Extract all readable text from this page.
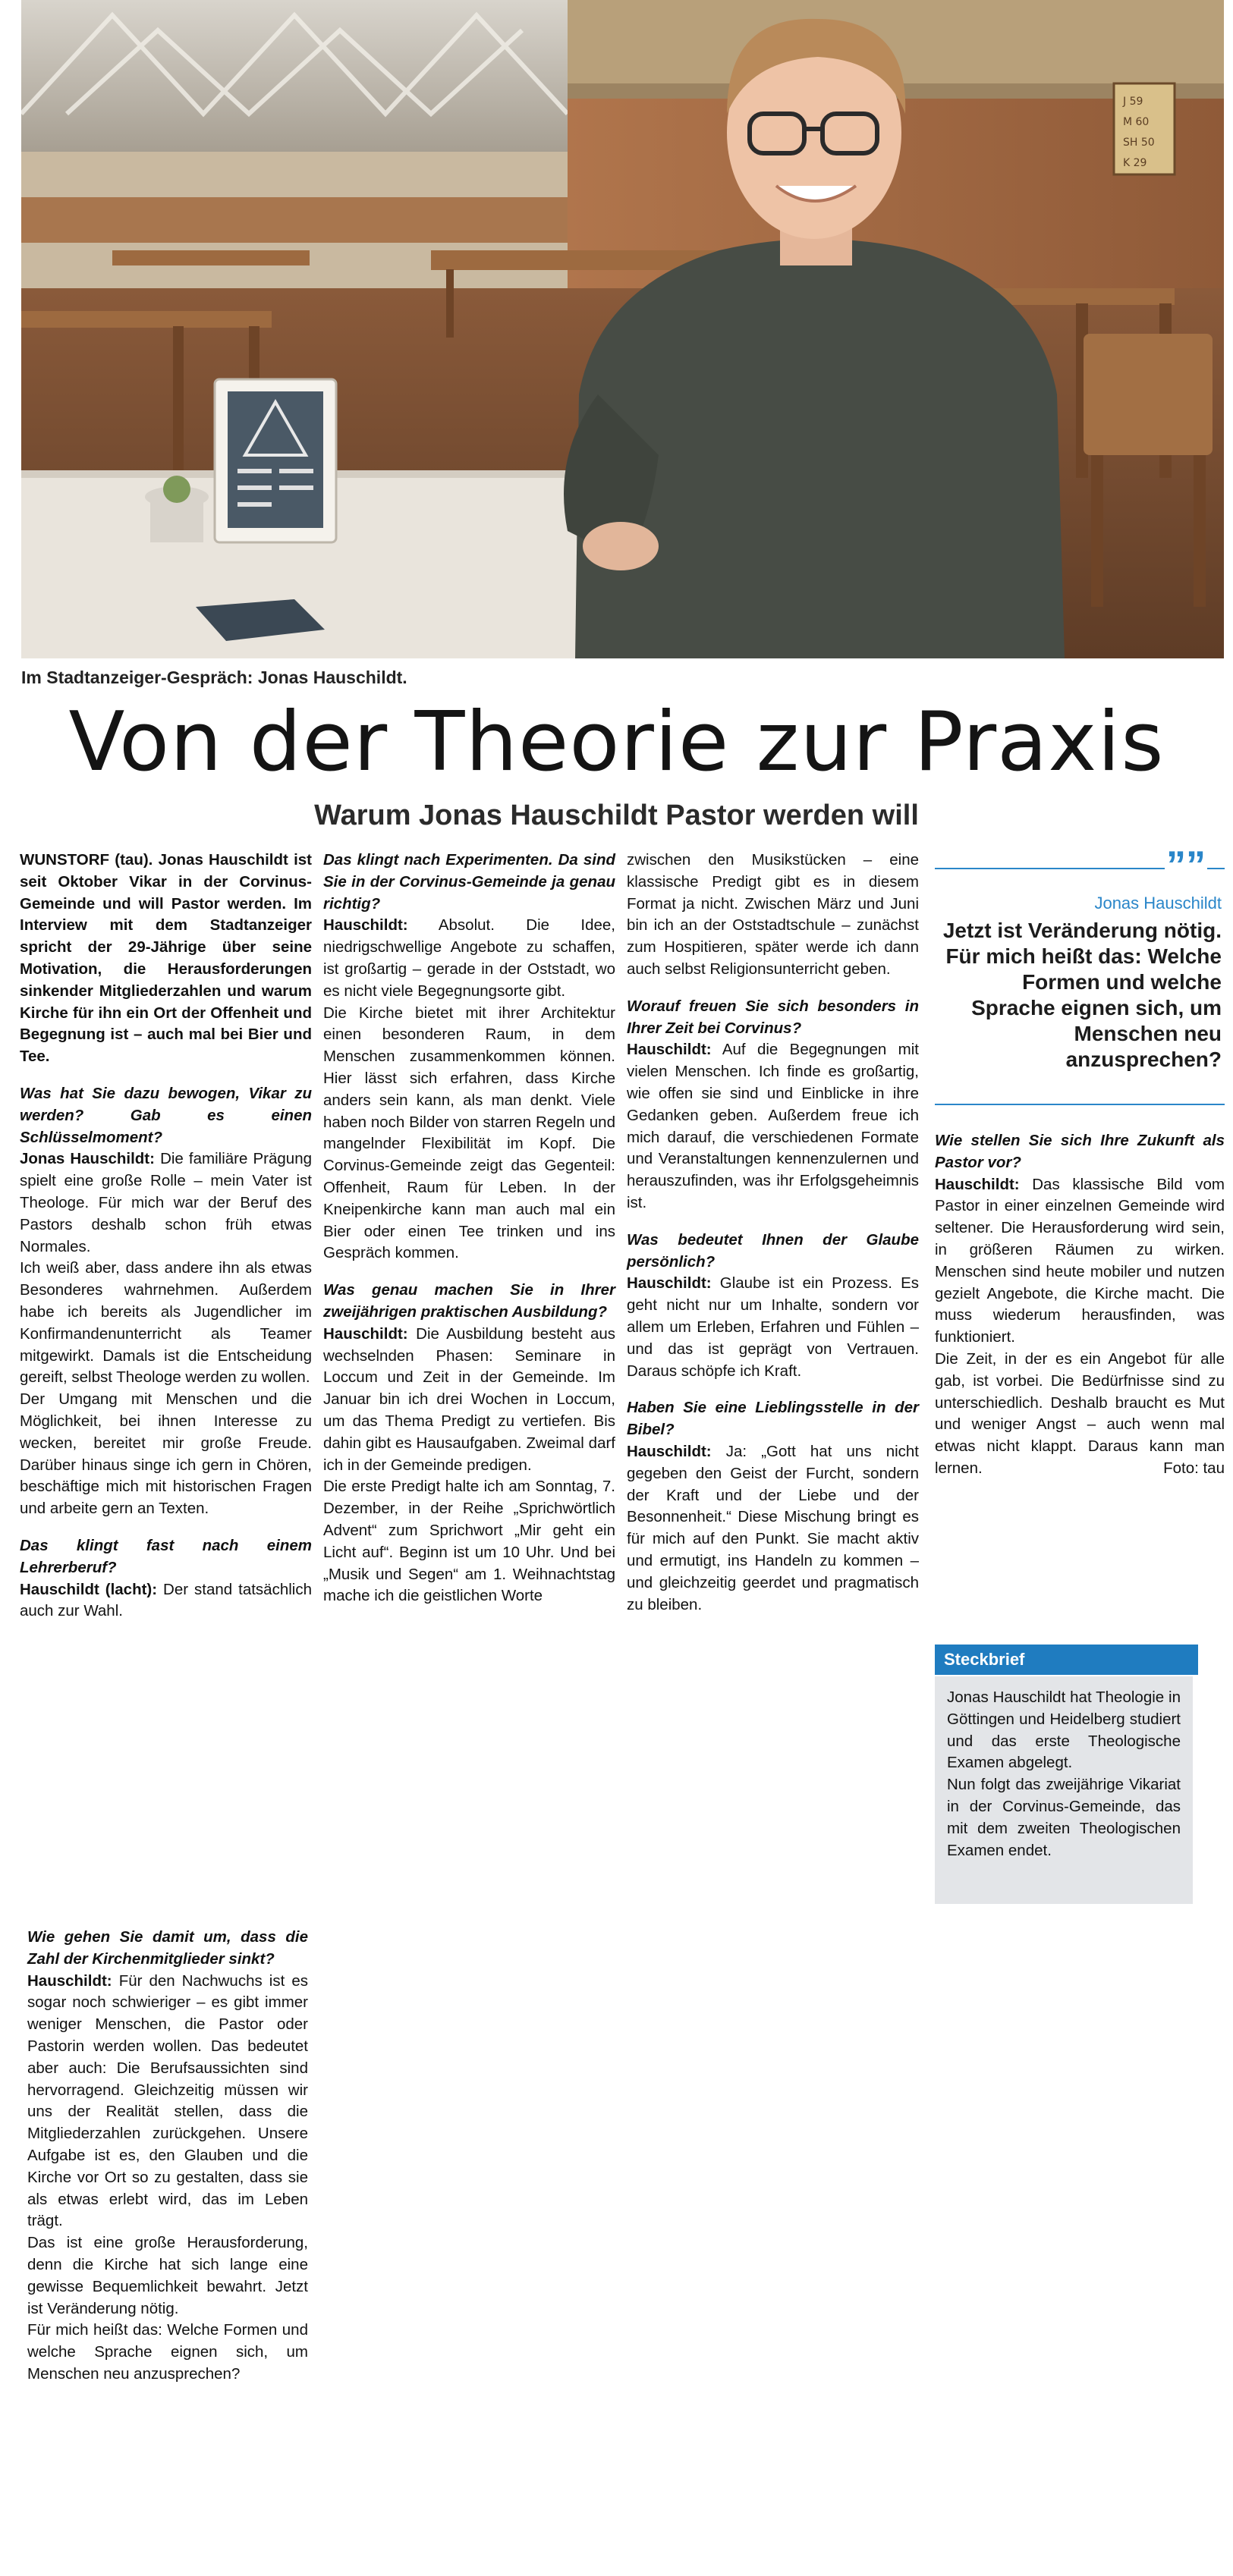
J 59
M 60
SH 50
K 29
Im Stadtanzeiger-Gespräch: Jonas Hauschildt.
Von der Theorie zur Praxis
Warum Jonas Hauschildt Pastor werden will

WUNSTORF (tau). Jonas Hauschildt ist seit Oktober Vikar in der Corvinus-Gemeinde und will Pastor werden. Im Interview mit dem Stadtanzeiger spricht der 29-Jährige über seine Motivation, die Herausforderungen sinkender Mitgliederzahlen und warum Kirche für ihn ein Ort der Offenheit und Begegnung ist – auch mal bei Bier und Tee.

Was hat Sie dazu bewogen, Vikar zu werden? Gab es einen Schlüsselmoment?

Jonas Hauschildt: Die familiäre Prägung spielt eine große Rolle – mein Vater ist Theologe. Für mich war der Beruf des Pastors deshalb schon früh etwas Normales.

Ich weiß aber, dass andere ihn als etwas Besonderes wahrnehmen. Außerdem habe ich bereits als Jugendlicher im Konfirmandenunterricht als Teamer mitgewirkt. Damals ist die Entscheidung gereift, selbst Theologe werden zu wollen.

Der Umgang mit Menschen und die Möglichkeit, bei ihnen Interesse zu wecken, bereitet mir große Freude. Darüber hinaus singe ich gern in Chören, beschäftige mich mit historischen Fragen und arbeite gern an Texten.

Das klingt fast nach einem Lehrerberuf?

Hauschildt (lacht): Der stand tatsächlich auch zur Wahl.

Wie gehen Sie damit um, dass die Zahl der Kirchenmitglieder sinkt?

Hauschildt: Für den Nachwuchs ist es sogar noch schwieriger – es gibt immer weniger Menschen, die Pastor oder Pastorin werden wollen. Das bedeutet aber auch: Die Berufsaussichten sind hervorragend. Gleichzeitig müssen wir uns der Realität stellen, dass die Mitgliederzahlen zurückgehen. Unsere Aufgabe ist es, den Glauben und die Kirche vor Ort so zu gestalten, dass sie als etwas erlebt wird, das im Leben trägt.

Das ist eine große Herausforderung, denn die Kirche hat sich lange eine gewisse Bequemlichkeit bewahrt. Jetzt ist Veränderung nötig.

Für mich heißt das: Welche Formen und welche Sprache eignen sich, um Menschen neu anzusprechen?

Das klingt nach Experimenten. Da sind Sie in der Corvinus-Gemeinde ja genau richtig?

Hauschildt: Absolut. Die Idee, niedrigschwellige Angebote zu schaffen, ist großartig – gerade in der Oststadt, wo es nicht viele Begegnungsorte gibt.

Die Kirche bietet mit ihrer Architektur einen besonderen Raum, in dem Menschen zusammenkommen können. Hier lässt sich erfahren, dass Kirche anders sein kann, als man denkt. Viele haben noch Bilder von starren Regeln und mangelnder Flexibilität im Kopf. Die Corvinus-Gemeinde zeigt das Gegenteil: Offenheit, Raum für Leben. In der Kneipenkirche kann man auch mal ein Bier oder einen Tee trinken und ins Gespräch kommen.

Was genau machen Sie in Ihrer zweijährigen praktischen Ausbildung?

Hauschildt: Die Ausbildung besteht aus wechselnden Phasen: Seminare in Loccum und Zeit in der Gemeinde. Im Januar bin ich drei Wochen in Loccum, um das Thema Predigt zu vertiefen. Bis dahin gibt es Hausaufgaben. Zweimal darf ich in der Gemeinde predigen.

Die erste Predigt halte ich am Sonntag, 7. Dezember, in der Reihe „Sprichwörtlich Advent“ zum Sprichwort „Mir geht ein Licht auf“. Beginn ist um 10 Uhr. Und bei „Musik und Segen“ am 1. Weihnachtstag mache ich die geistlichen Worte

zwischen den Musikstücken – eine klassische Predigt gibt es in diesem Format ja nicht. Zwischen März und Juni bin ich an der Oststadtschule – zunächst zum Hospitieren, später werde ich dann auch selbst Religionsunterricht geben.

Worauf freuen Sie sich besonders in Ihrer Zeit bei Corvinus?

Hauschildt: Auf die Begegnungen mit vielen Menschen. Ich finde es großartig, wie offen sie sind und Einblicke in ihre Gedanken geben. Außerdem freue ich mich darauf, die verschiedenen Formate und Veranstaltungen kennenzulernen und herauszufinden, was ihr Erfolgsgeheimnis ist.

Was bedeutet Ihnen der Glaube persönlich?

Hauschildt: Glaube ist ein Prozess. Es geht nicht nur um Inhalte, sondern vor allem um Erleben, Erfahren und Fühlen – und das ist geprägt von Vertrauen. Daraus schöpfe ich Kraft.

Haben Sie eine Lieblingsstelle in der Bibel?

Hauschildt: Ja: „Gott hat uns nicht gegeben den Geist der Furcht, sondern der Kraft und der Liebe und der Besonnenheit.“ Diese Mischung bringt es für mich auf den Punkt. Sie macht aktiv und ermutigt, ins Handeln zu kommen – und gleichzeitig geerdet und pragmatisch zu bleiben.

””
Jonas Hauschildt
Jetzt ist Veränderung nötig. Für mich heißt das: Welche Formen und welche Sprache eignen sich, um Menschen neu anzusprechen?

Wie stellen Sie sich Ihre Zukunft als Pastor vor?

Hauschildt: Das klassische Bild vom Pastor in einer einzelnen Gemeinde wird seltener. Die Herausforderung wird sein, in größeren Räumen zu wirken. Menschen sind heute mobiler und nutzen gezielt Angebote, die Kirche macht. Die muss wiederum herausfinden, was funktioniert.

Die Zeit, in der es ein Angebot für alle gab, ist vorbei. Die Bedürfnisse sind zu unterschiedlich. Deshalb braucht es Mut und weniger Angst – auch wenn mal etwas nicht klappt. Daraus kann man lernen.	Foto: tau

Steckbrief

Jonas Hauschildt hat Theologie in Göttingen und Heidelberg studiert und das erste Theologische Examen abgelegt.

Nun folgt das zweijährige Vikariat in der Corvinus-Gemeinde, das mit dem zweiten Theologischen Examen endet.
